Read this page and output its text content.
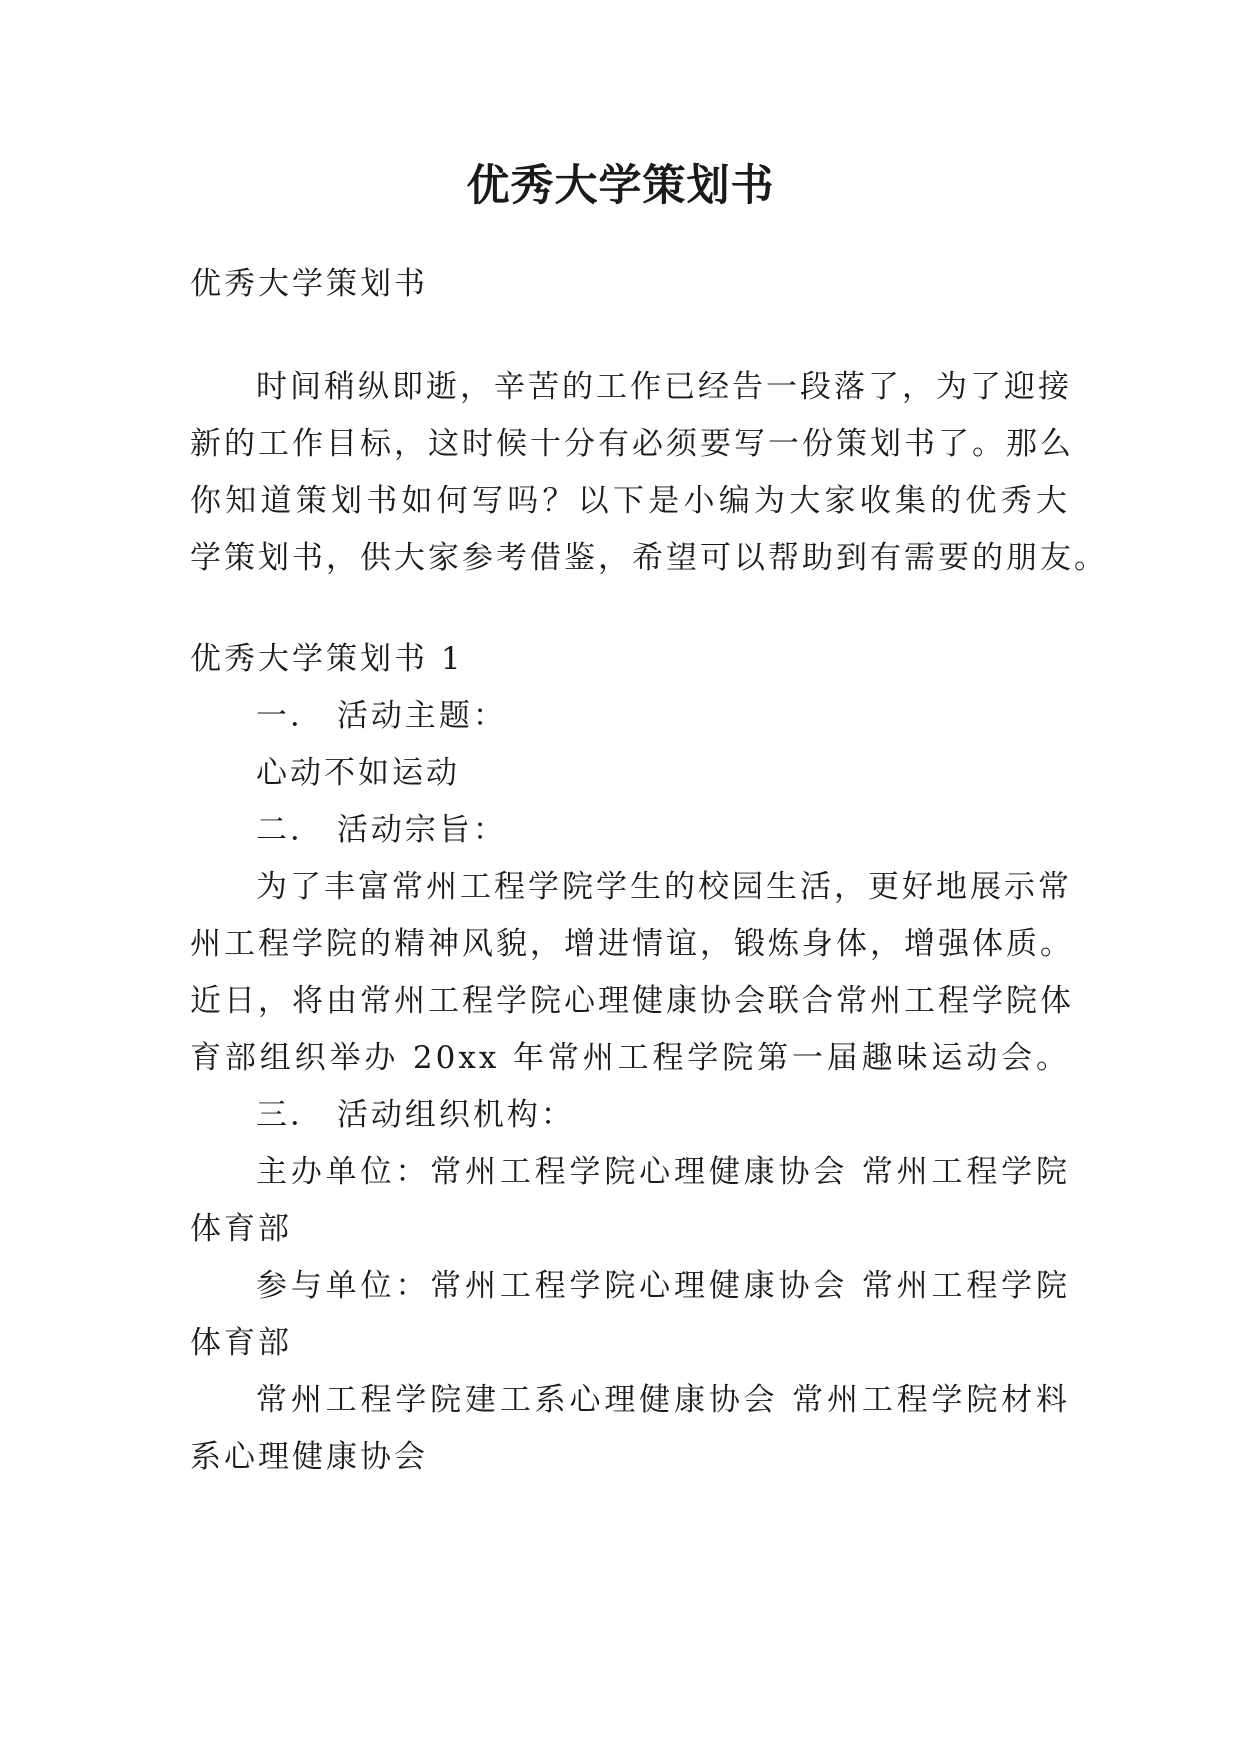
优秀大学策划书

优秀大学策划书

时间稍纵即逝，辛苦的工作已经告一段落了，为了迎接

新的工作目标，这时候十分有必须要写一份策划书了。那么

你知道策划书如何写吗？以下是小编为大家收集的优秀大

学策划书，供大家参考借鉴，希望可以帮助到有需要的朋友。

优秀大学策划书 1

一． 活动主题：

心动不如运动

二． 活动宗旨：

为了丰富常州工程学院学生的校园生活，更好地展示常

州工程学院的精神风貌，增进情谊，锻炼身体，增强体质。

近日，将由常州工程学院心理健康协会联合常州工程学院体

育部组织举办 20xx 年常州工程学院第一届趣味运动会。

三． 活动组织机构：

主办单位：常州工程学院心理健康协会 常州工程学院

体育部

参与单位：常州工程学院心理健康协会 常州工程学院

体育部

常州工程学院建工系心理健康协会 常州工程学院材料

系心理健康协会
